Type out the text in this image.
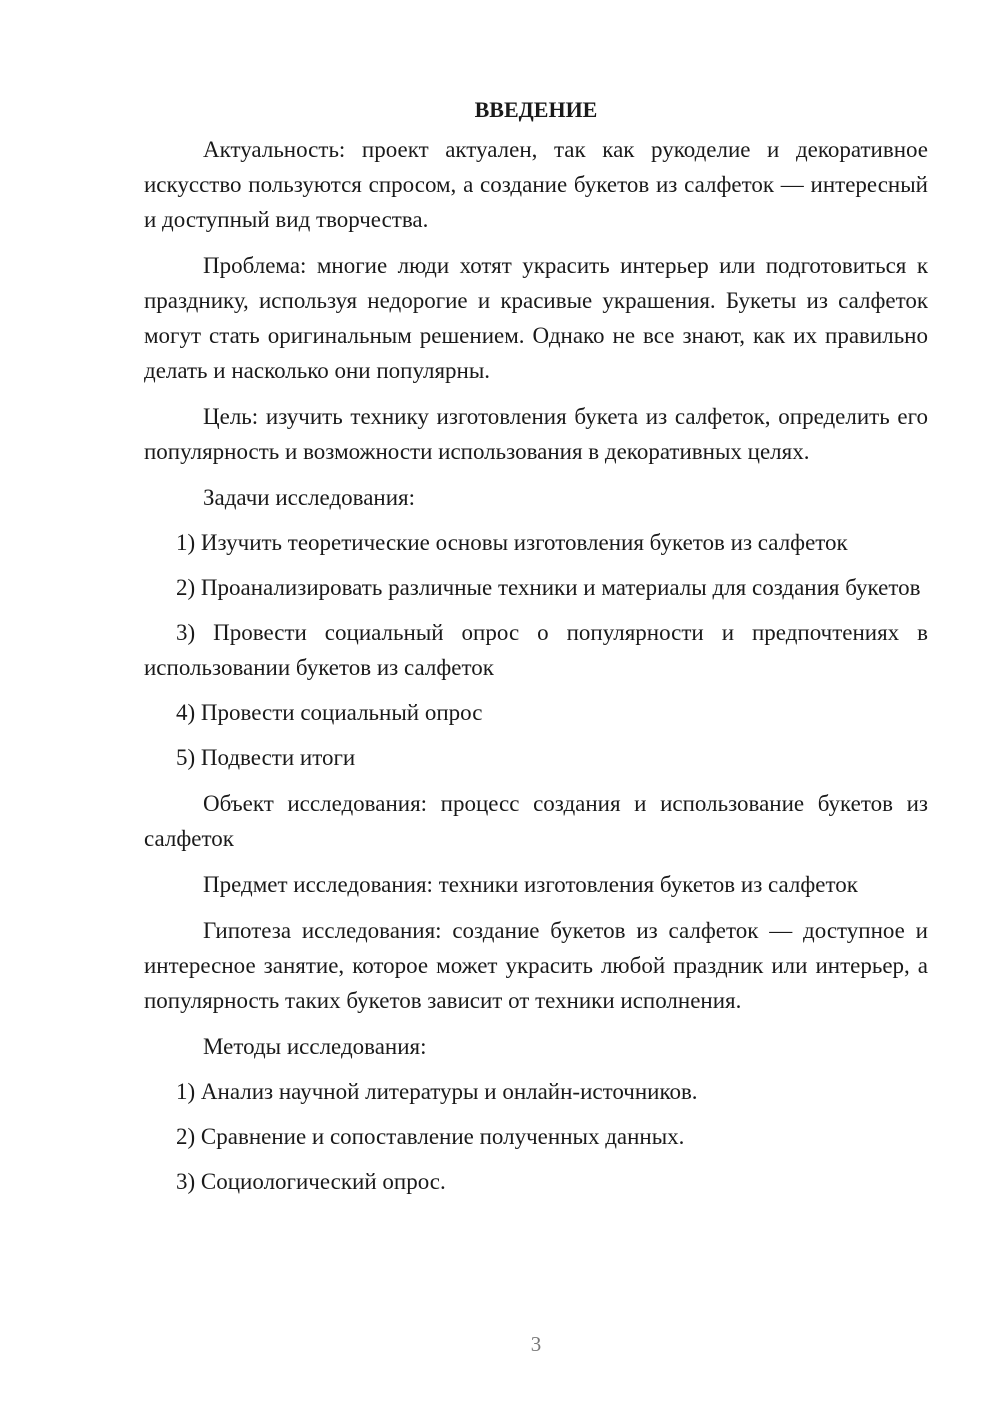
ВВЕДЕНИЕ

Актуальность: проект актуален, так как рукоделие и декоративное искусство пользуются спросом, а создание букетов из салфеток — интересный и доступный вид творчества.

Проблема: многие люди хотят украсить интерьер или подготовиться к празднику, используя недорогие и красивые украшения. Букеты из салфеток могут стать оригинальным решением. Однако не все знают, как их правильно делать и насколько они популярны.

Цель: изучить технику изготовления букета из салфеток, определить его популярность и возможности использования в декоративных целях.

Задачи исследования:

1) Изучить теоретические основы изготовления букетов из салфеток

2) Проанализировать различные техники и материалы для создания букетов

3) Провести социальный опрос о популярности и предпочтениях в использовании букетов из салфеток

4) Провести социальный опрос

5) Подвести итоги

Объект исследования: процесс создания и использование букетов из салфеток

Предмет исследования: техники изготовления букетов из салфеток

Гипотеза исследования: создание букетов из салфеток — доступное и интересное занятие, которое может украсить любой праздник или интерьер, а популярность таких букетов зависит от техники исполнения.

Методы исследования:

1) Анализ научной литературы и онлайн-источников.

2) Сравнение и сопоставление полученных данных.

3) Социологический опрос.

3
